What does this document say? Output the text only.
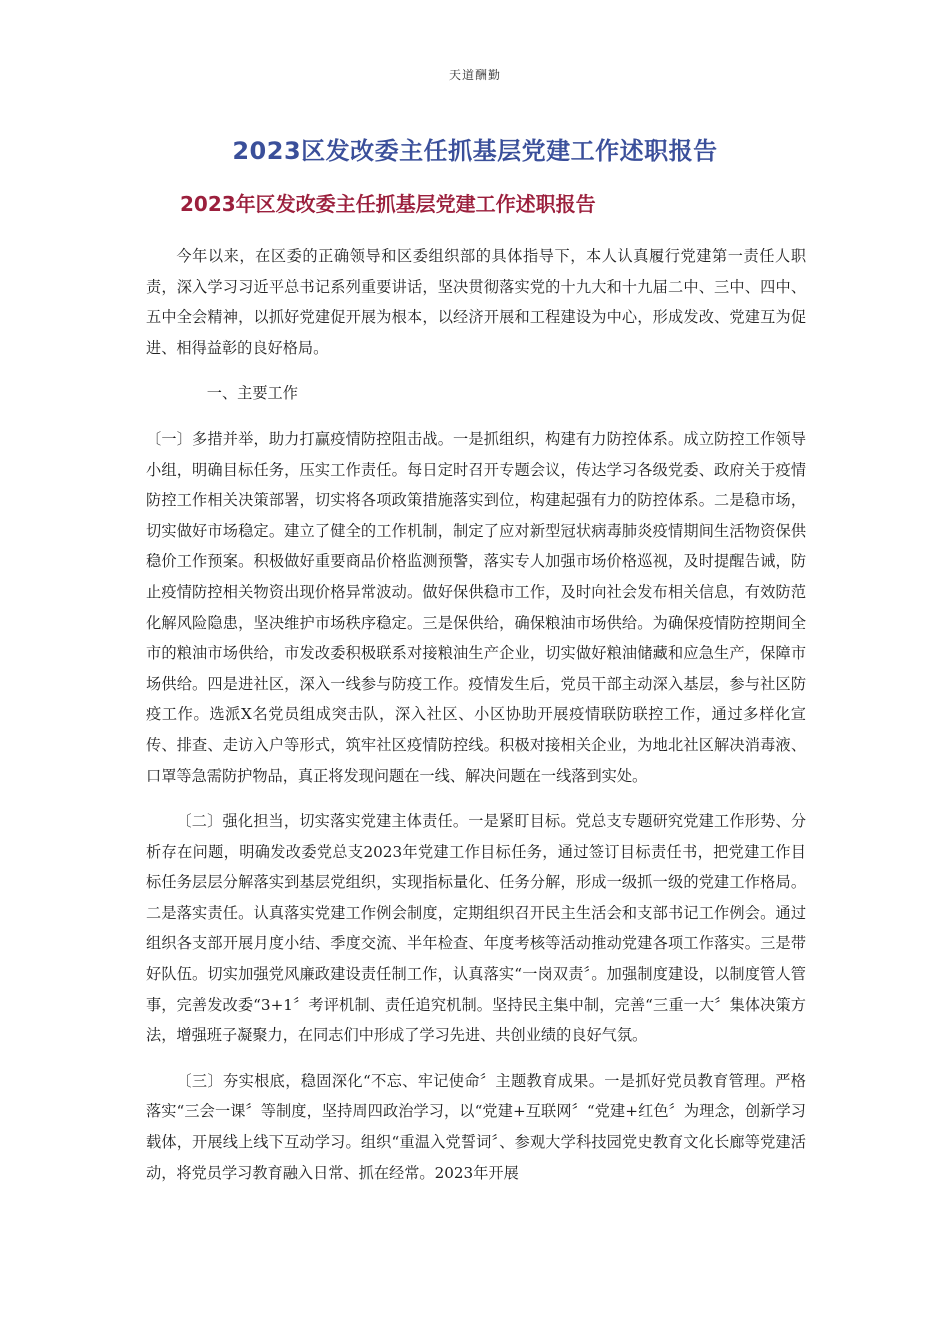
天道酬勤
2023区发改委主任抓基层党建工作述职报告
2023年区发改委主任抓基层党建工作述职报告

今年以来，在区委的正确领导和区委组织部的具体指导下，本人认真履行党建第一责任人职责，深入学习习近平总书记系列重要讲话，坚决贯彻落实党的十九大和十九届二中、三中、四中、五中全会精神，以抓好党建促开展为根本，以经济开展和工程建设为中心，形成发改、党建互为促进、相得益彰的良好格局。

一、主要工作

〔一〕多措并举，助力打赢疫情防控阻击战。一是抓组织，构建有力防控体系。成立防控工作领导小组，明确目标任务，压实工作责任。每日定时召开专题会议，传达学习各级党委、政府关于疫情防控工作相关决策部署，切实将各项政策措施落实到位，构建起强有力的防控体系。二是稳市场，切实做好市场稳定。建立了健全的工作机制，制定了应对新型冠状病毒肺炎疫情期间生活物资保供稳价工作预案。积极做好重要商品价格监测预警，落实专人加强市场价格巡视，及时提醒告诫，防止疫情防控相关物资出现价格异常波动。做好保供稳市工作，及时向社会发布相关信息，有效防范化解风险隐患，坚决维护市场秩序稳定。三是保供给，确保粮油市场供给。为确保疫情防控期间全市的粮油市场供给，市发改委积极联系对接粮油生产企业，切实做好粮油储藏和应急生产，保障市场供给。四是进社区，深入一线参与防疫工作。疫情发生后，党员干部主动深入基层，参与社区防疫工作。选派X名党员组成突击队，深入社区、小区协助开展疫情联防联控工作，通过多样化宣传、排查、走访入户等形式，筑牢社区疫情防控线。积极对接相关企业，为地北社区解决消毒液、口罩等急需防护物品，真正将发现问题在一线、解决问题在一线落到实处。

〔二〕强化担当，切实落实党建主体责任。一是紧盯目标。党总支专题研究党建工作形势、分析存在问题，明确发改委党总支2023年党建工作目标任务，通过签订目标责任书，把党建工作目标任务层层分解落实到基层党组织，实现指标量化、任务分解，形成一级抓一级的党建工作格局。二是落实责任。认真落实党建工作例会制度，定期组织召开民主生活会和支部书记工作例会。通过组织各支部开展月度小结、季度交流、半年检查、年度考核等活动推动党建各项工作落实。三是带好队伍。切实加强党风廉政建设责任制工作，认真落实“一岗双责〞。加强制度建设，以制度管人管事，完善发改委“3+1〞考评机制、责任追究机制。坚持民主集中制，完善“三重一大〞集体决策方法，增强班子凝聚力，在同志们中形成了学习先进、共创业绩的良好气氛。

〔三〕夯实根底，稳固深化“不忘、牢记使命〞主题教育成果。一是抓好党员教育管理。严格落实“三会一课〞等制度，坚持周四政治学习，以“党建+互联网〞“党建+红色〞为理念，创新学习载体，开展线上线下互动学习。组织“重温入党誓词〞、参观大学科技园党史教育文化长廊等党建活动，将党员学习教育融入日常、抓在经常。2023年开展
